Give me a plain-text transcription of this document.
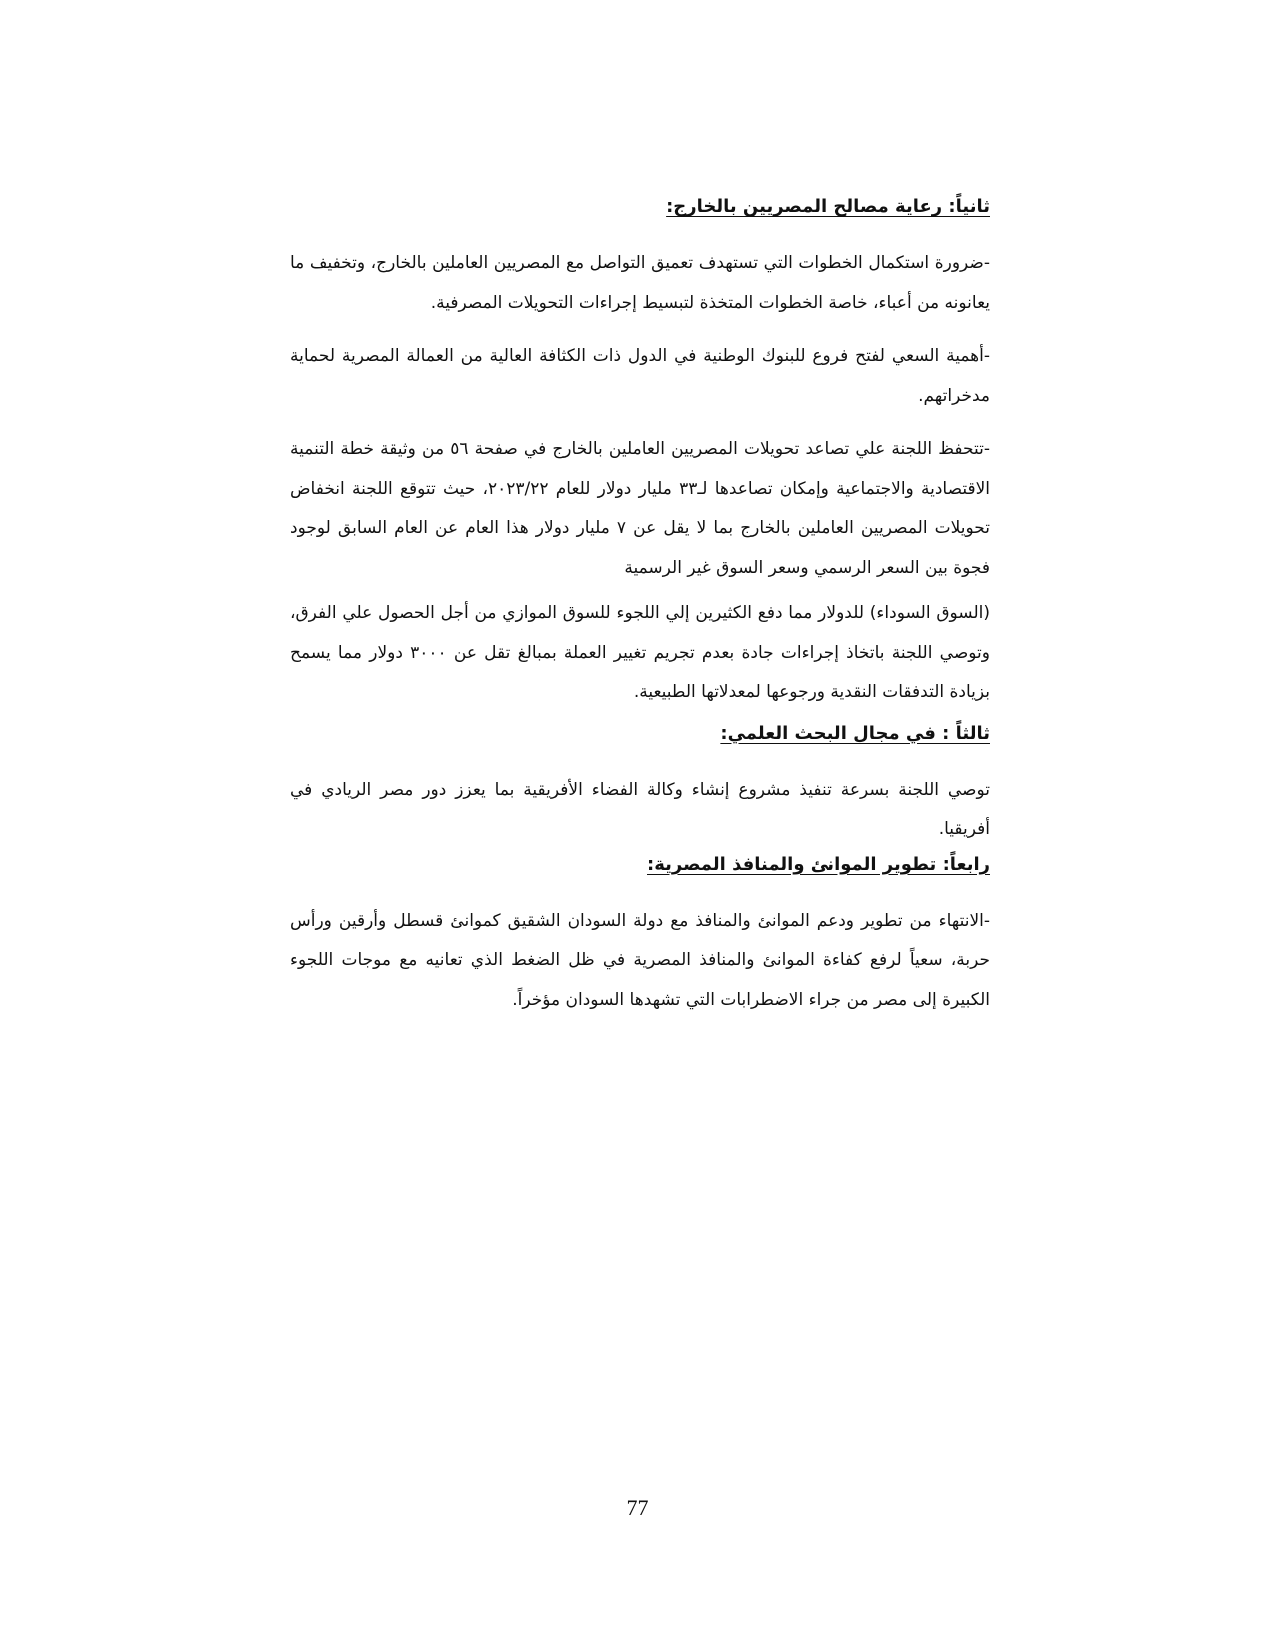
ثانياً: رعاية مصالح المصريين بالخارج:

-ضرورة استكمال الخطوات التي تستهدف تعميق التواصل مع المصريين العاملين بالخارج، وتخفيف ما يعانونه من أعباء، خاصة الخطوات المتخذة لتبسيط إجراءات التحويلات المصرفية.

-أهمية السعي لفتح فروع للبنوك الوطنية في الدول ذات الكثافة العالية من العمالة المصرية لحماية مدخراتهم.

-تتحفظ اللجنة علي تصاعد تحويلات المصريين العاملين بالخارج في صفحة ٥٦ من وثيقة خطة التنمية الاقتصادية والاجتماعية وإمكان تصاعدها لـ٣٣ مليار دولار للعام ٢٠٢٣/٢٢، حيث تتوقع اللجنة انخفاض تحويلات المصريين العاملين بالخارج بما لا يقل عن ٧ مليار دولار هذا العام عن العام السابق لوجود فجوة بين السعر الرسمي وسعر السوق غير الرسمية

(السوق السوداء) للدولار مما دفع الكثيرين إلي اللجوء للسوق الموازي من أجل الحصول علي الفرق، وتوصي اللجنة باتخاذ إجراءات جادة بعدم تجريم تغيير العملة بمبالغ تقل عن ٣٠٠٠ دولار مما يسمح بزيادة التدفقات النقدية ورجوعها لمعدلاتها الطبيعية.

ثالثاً : في مجال البحث العلمي:

توصي اللجنة بسرعة تنفيذ مشروع إنشاء وكالة الفضاء الأفريقية بما يعزز دور مصر الريادي في أفريقيا.

رابعاً: تطوير الموانئ والمنافذ المصرية:

-الانتهاء من تطوير ودعم الموانئ والمنافذ مع دولة السودان الشقيق كموانئ قسطل وأرقين ورأس حربة، سعياً لرفع كفاءة الموانئ والمنافذ المصرية في ظل الضغط الذي تعانيه مع موجات اللجوء الكبيرة إلى مصر من جراء الاضطرابات التي تشهدها السودان مؤخراً.

77
